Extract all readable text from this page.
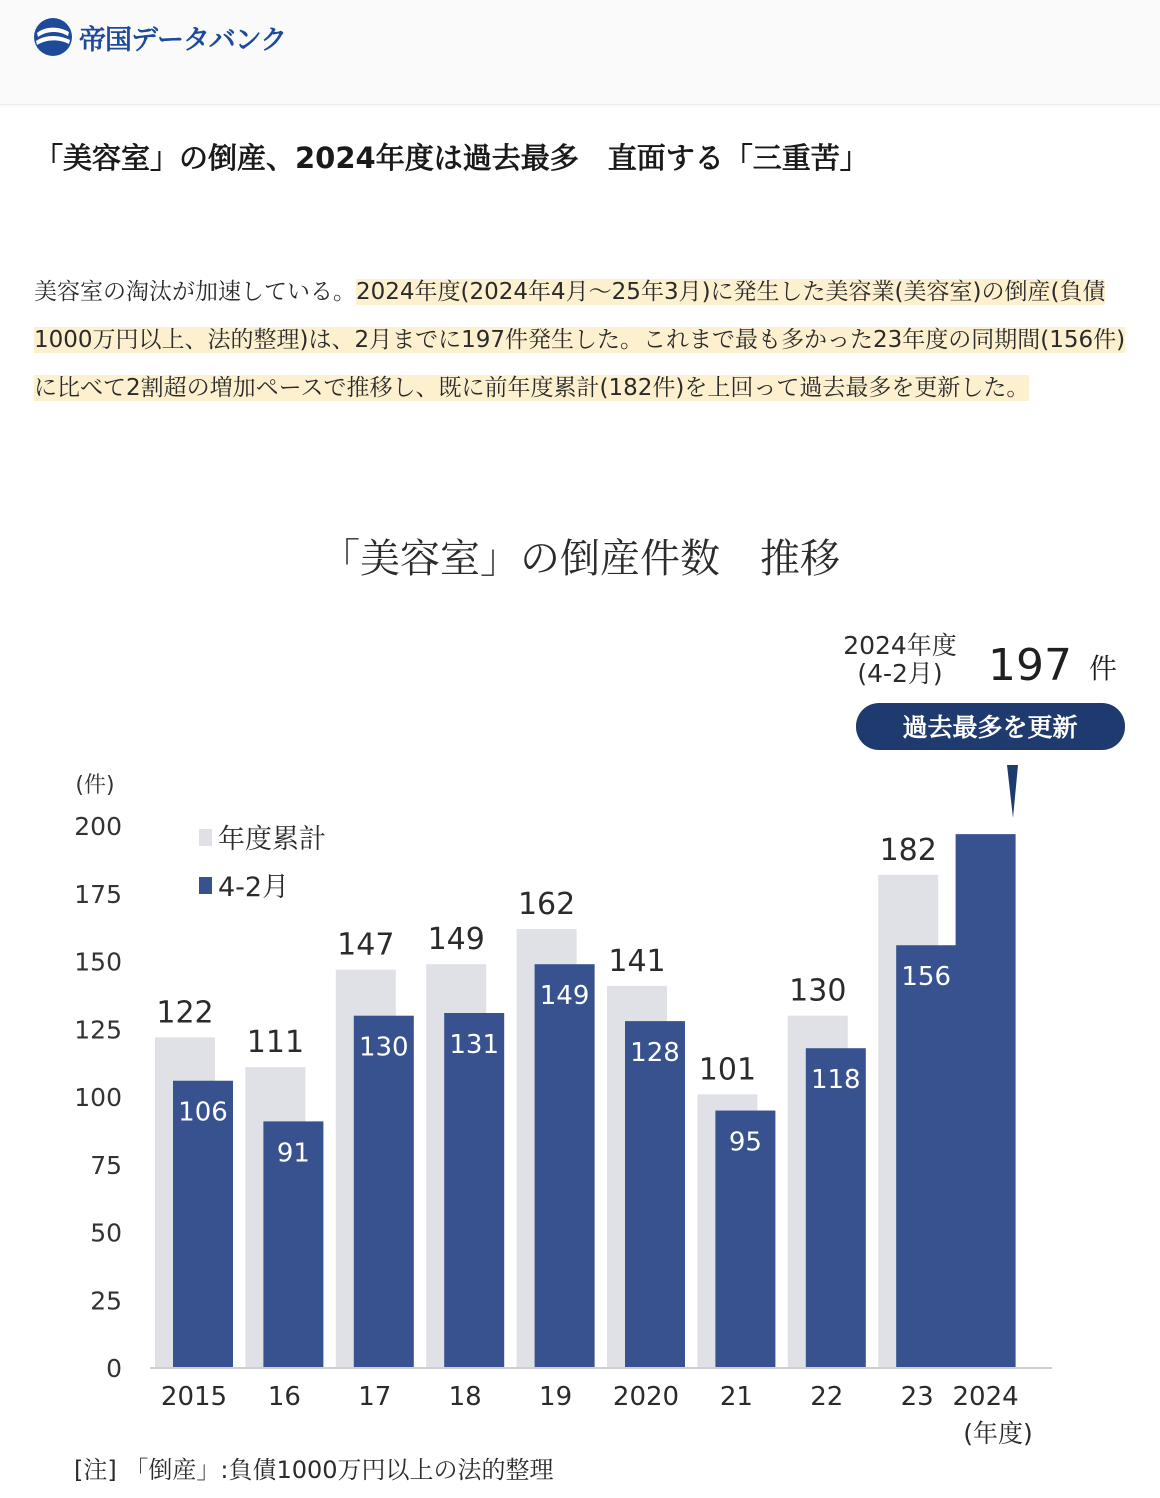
帝国データバンク
「美容室」の倒産、2024年度は過去最多　直面する「三重苦」

美容室の淘汰が加速している。2024年度(2024年4月～25年3月)に発生した美容業(美容室)の倒産(負債1000万円以上、法的整理)は、2月までに197件発生した。これまで最も多かった23年度の同期間(156件)に比べて2割超の増加ペースで推移し、既に前年度累計(182件)を上回って過去最多を更新した。

「美容室」の倒産件数　推移
2024年度
(4-2月) 197 件
過去最多を更新
(件)
0
25
50
75
100
125
150
175
200	年度累計
4-2月
122
111
147 149
162
141
101
130
182
106
91
130 131
149
128
95
118
156
2015 16 17 18 19 2020 21 22 23 2024
(年度)
[注] 「倒産」:負債1000万円以上の法的整理
